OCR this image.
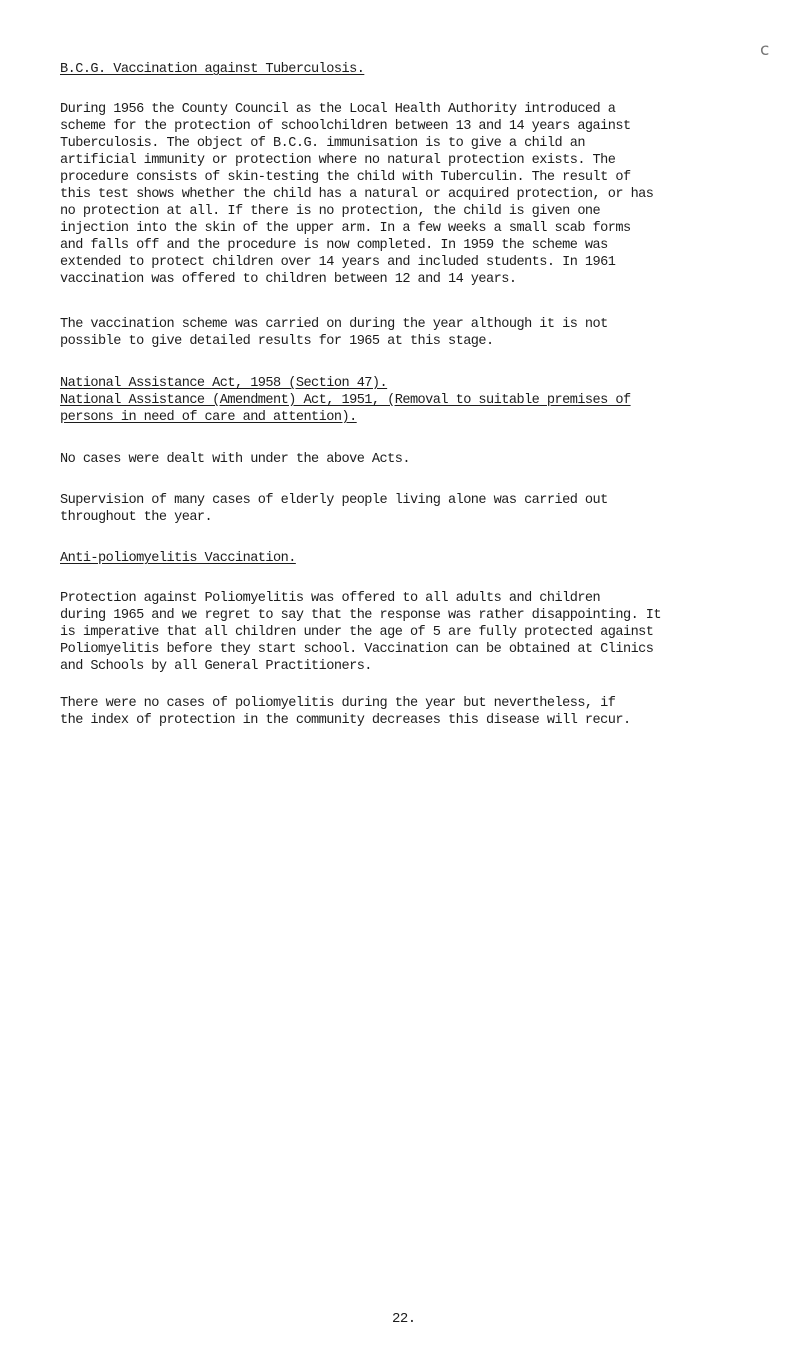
c

B.C.G. Vaccination against Tuberculosis.

During 1956 the County Council as the Local Health Authority introduced a
scheme for the protection of schoolchildren between 13 and 14 years against
Tuberculosis. The object of B.C.G. immunisation is to give a child an
artificial immunity or protection where no natural protection exists. The
procedure consists of skin-testing the child with Tuberculin. The result of
this test shows whether the child has a natural or acquired protection, or has
no protection at all. If there is no protection, the child is given one
injection into the skin of the upper arm. In a few weeks a small scab forms
and falls off and the procedure is now completed. In 1959 the scheme was
extended to protect children over 14 years and included students. In 1961
vaccination was offered to children between 12 and 14 years.

The vaccination scheme was carried on during the year although it is not
possible to give detailed results for 1965 at this stage.

National Assistance Act, 1958 (Section 47).

National Assistance (Amendment) Act, 1951, (Removal to suitable premises of
persons in need of care and attention).

No cases were dealt with under the above Acts.

Supervision of many cases of elderly people living alone was carried out
throughout the year.

Anti-poliomyelitis Vaccination.

Protection against Poliomyelitis was offered to all adults and children
during 1965 and we regret to say that the response was rather disappointing. It
is imperative that all children under the age of 5 are fully protected against
Poliomyelitis before they start school. Vaccination can be obtained at Clinics
and Schools by all General Practitioners.

There were no cases of poliomyelitis during the year but nevertheless, if
the index of protection in the community decreases this disease will recur.

22.
